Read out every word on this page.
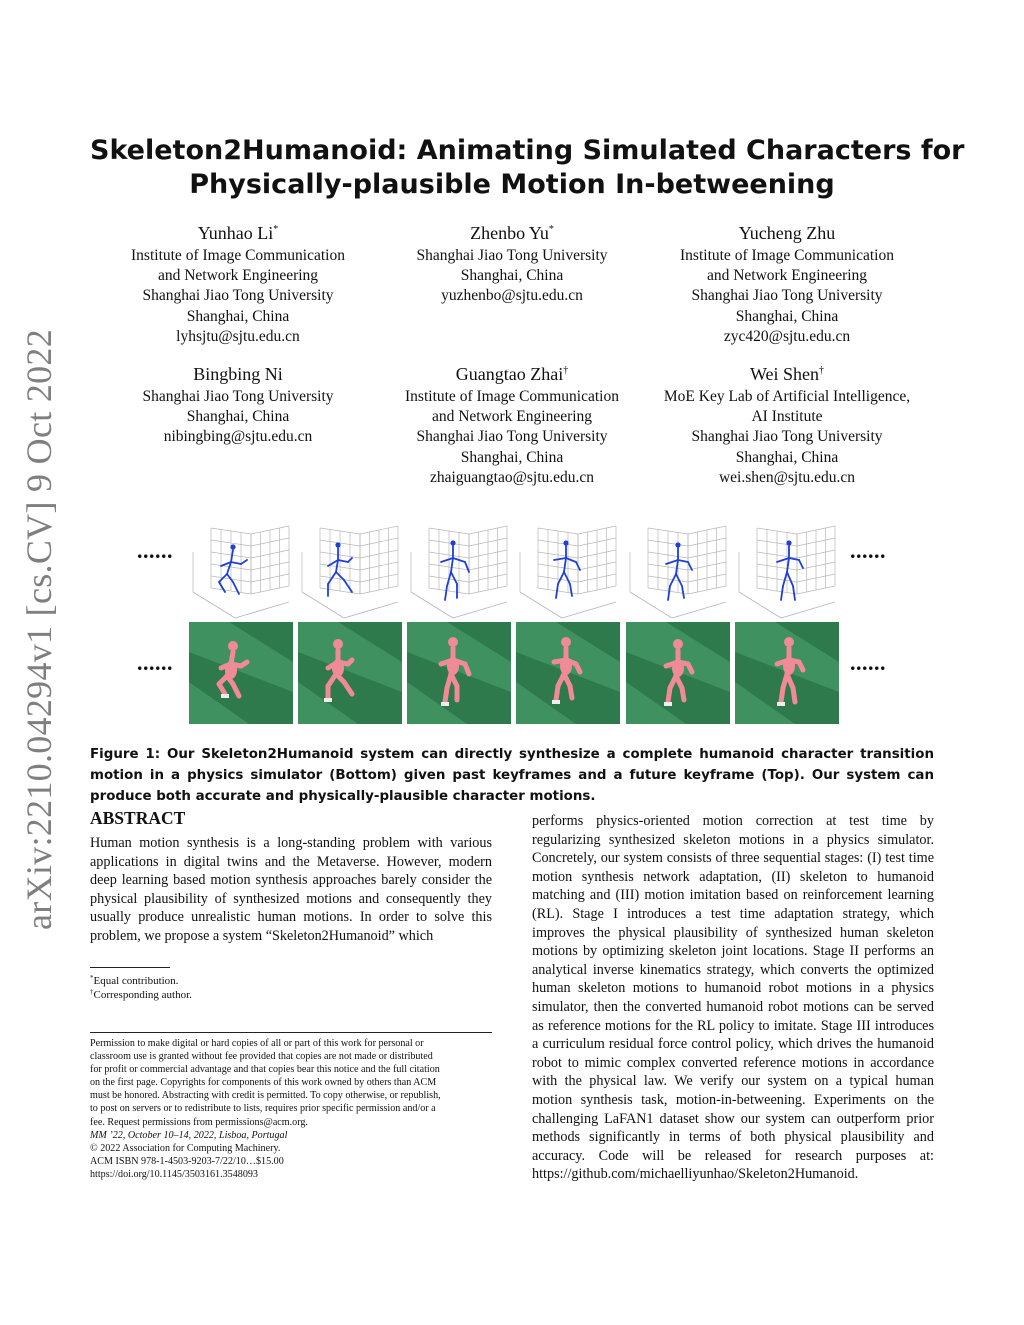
arXiv:2210.04294v1 [cs.CV] 9 Oct 2022
Skeleton2Humanoid: Animating Simulated Characters for
Physically-plausible Motion In-betweening
Yunhao Li*
Institute of Image Communication
and Network Engineering
Shanghai Jiao Tong University
Shanghai, China
lyhsjtu@sjtu.edu.cn
Zhenbo Yu*
Shanghai Jiao Tong University
Shanghai, China
yuzhenbo@sjtu.edu.cn
Yucheng Zhu
Institute of Image Communication
and Network Engineering
Shanghai Jiao Tong University
Shanghai, China
zyc420@sjtu.edu.cn
Bingbing Ni
Shanghai Jiao Tong University
Shanghai, China
nibingbing@sjtu.edu.cn
Guangtao Zhai†
Institute of Image Communication
and Network Engineering
Shanghai Jiao Tong University
Shanghai, China
zhaiguangtao@sjtu.edu.cn
Wei Shen†
MoE Key Lab of Artificial Intelligence,
AI Institute
Shanghai Jiao Tong University
Shanghai, China
wei.shen@sjtu.edu.cn
......	......
......	......
Figure 1: Our Skeleton2Humanoid system can directly synthesize a complete humanoid character transition motion in a physics simulator (Bottom) given past keyframes and a future keyframe (Top). Our system can produce both accurate and physically-plausible character motions.
ABSTRACT
Human motion synthesis is a long-standing problem with various applications in digital twins and the Metaverse. However, modern deep learning based motion synthesis approaches barely consider the physical plausibility of synthesized motions and consequently they usually produce unrealistic human motions. In order to solve this problem, we propose a system “Skeleton2Humanoid” which
performs physics-oriented motion correction at test time by regularizing synthesized skeleton motions in a physics simulator. Concretely, our system consists of three sequential stages: (I) test time motion synthesis network adaptation, (II) skeleton to humanoid matching and (III) motion imitation based on reinforcement learning (RL). Stage I introduces a test time adaptation strategy, which improves the physical plausibility of synthesized human skeleton motions by optimizing skeleton joint locations. Stage II performs an analytical inverse kinematics strategy, which converts the optimized human skeleton motions to humanoid robot motions in a physics simulator, then the converted humanoid robot motions can be served as reference motions for the RL policy to imitate. Stage III introduces a curriculum residual force control policy, which drives the humanoid robot to mimic complex converted reference motions in accordance with the physical law. We verify our system on a typical human motion synthesis task, motion-in-betweening. Experiments on the challenging LaFAN1 dataset show our system can outperform prior methods significantly in terms of both physical plausibility and accuracy. Code will be released for research purposes at: https://github.com/michaelliyunhao/Skeleton2Humanoid.
*Equal contribution.
†Corresponding author.
Permission to make digital or hard copies of all or part of this work for personal or
classroom use is granted without fee provided that copies are not made or distributed
for profit or commercial advantage and that copies bear this notice and the full citation
on the first page. Copyrights for components of this work owned by others than ACM
must be honored. Abstracting with credit is permitted. To copy otherwise, or republish,
to post on servers or to redistribute to lists, requires prior specific permission and/or a
fee. Request permissions from permissions@acm.org.
MM ’22, October 10–14, 2022, Lisboa, Portugal
© 2022 Association for Computing Machinery.
ACM ISBN 978-1-4503-9203-7/22/10…$15.00
https://doi.org/10.1145/3503161.3548093
